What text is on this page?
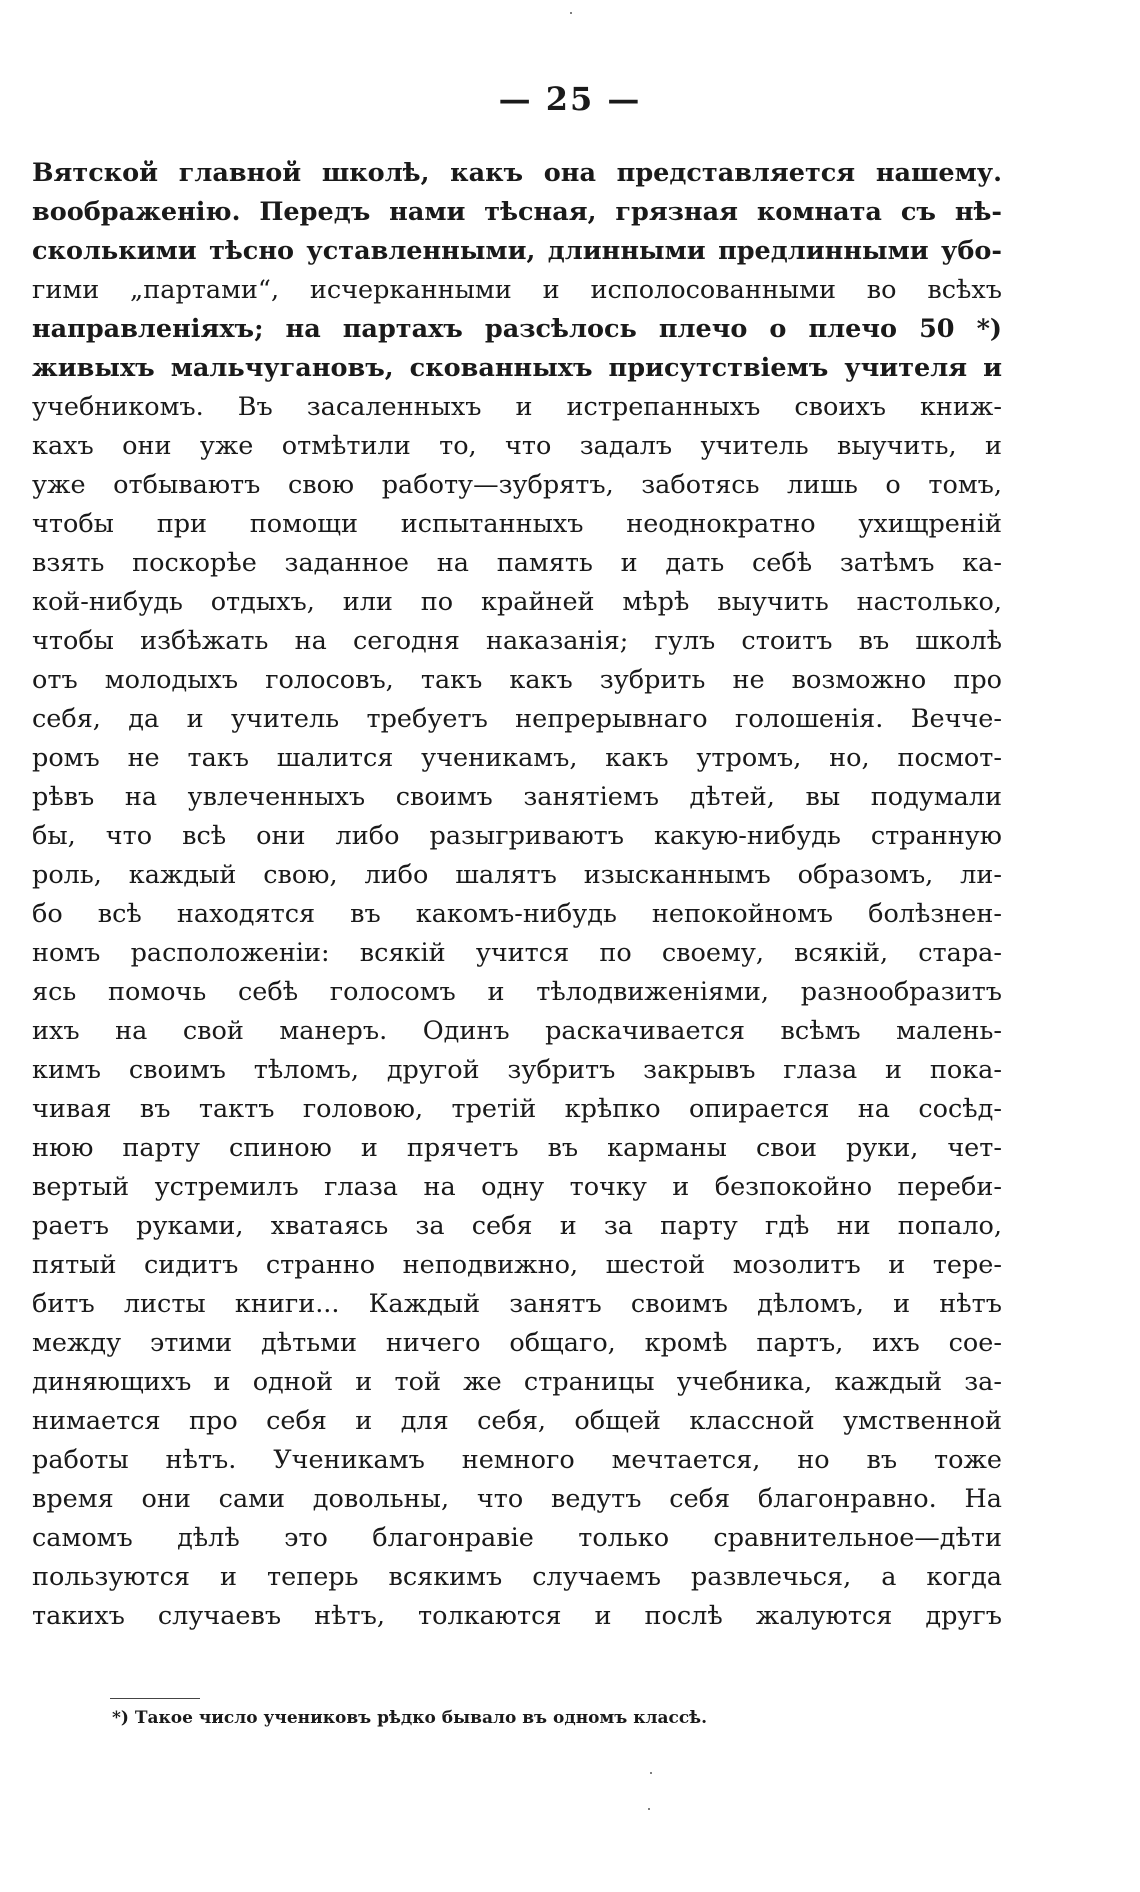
— 25 —
Вятской главной школѣ, какъ она представляется нашему.
воображенію. Передъ нами тѣсная, грязная комната съ нѣ-
сколькими тѣсно уставленными, длинными предлинными убо-
гими „партами“, исчерканными и исполосованными во всѣхъ
направленіяхъ; на партахъ разсѣлось плечо о плечо 50 *)
живыхъ мальчугановъ, скованныхъ присутствіемъ учителя и
учебникомъ. Въ засаленныхъ и истрепанныхъ своихъ книж-
кахъ они уже отмѣтили то, что задалъ учитель выучить, и
уже отбываютъ свою работу—зубрятъ, заботясь лишь о томъ,
чтобы при помощи испытанныхъ неоднократно ухищреній
взять поскорѣе заданное на память и дать себѣ затѣмъ ка-
кой-нибудь отдыхъ, или по крайней мѣрѣ выучить настолько,
чтобы избѣжать на сегодня наказанія; гулъ стоитъ въ школѣ
отъ молодыхъ голосовъ, такъ какъ зубрить не возможно про
себя, да и учитель требуетъ непрерывнаго голошенія. Вечче-
ромъ не такъ шалится ученикамъ, какъ утромъ, но, посмот-
рѣвъ на увлеченныхъ своимъ занятіемъ дѣтей, вы подумали
бы, что всѣ они либо разыгриваютъ какую-нибудь странную
роль, каждый свою, либо шалятъ изысканнымъ образомъ, ли-
бо всѣ находятся въ какомъ-нибудь непокойномъ болѣзнен-
номъ расположеніи: всякій учится по своему, всякій, стара-
ясь помочь себѣ голосомъ и тѣлодвиженіями, разнообразитъ
ихъ на свой манеръ. Одинъ раскачивается всѣмъ малень-
кимъ своимъ тѣломъ, другой зубритъ закрывъ глаза и пока-
чивая въ тактъ головою, третій крѣпко опирается на сосѣд-
нюю парту спиною и прячетъ въ карманы свои руки, чет-
вертый устремилъ глаза на одну точку и безпокойно переби-
раетъ руками, хватаясь за себя и за парту гдѣ ни попало,
пятый сидитъ странно неподвижно, шестой мозолитъ и тере-
битъ листы книги... Каждый занятъ своимъ дѣломъ, и нѣтъ
между этими дѣтьми ничего общаго, кромѣ партъ, ихъ сое-
диняющихъ и одной и той же страницы учебника, каждый за-
нимается про себя и для себя, общей классной умственной
работы нѣтъ. Ученикамъ немного мечтается, но въ тоже
время они сами довольны, что ведутъ себя благонравно. На
самомъ дѣлѣ это благонравіе только сравнительное—дѣти
пользуются и теперь всякимъ случаемъ развлечься, а когда
такихъ случаевъ нѣтъ, толкаются и послѣ жалуются другъ
*) Такое число учениковъ рѣдко бывало въ одномъ классѣ.
